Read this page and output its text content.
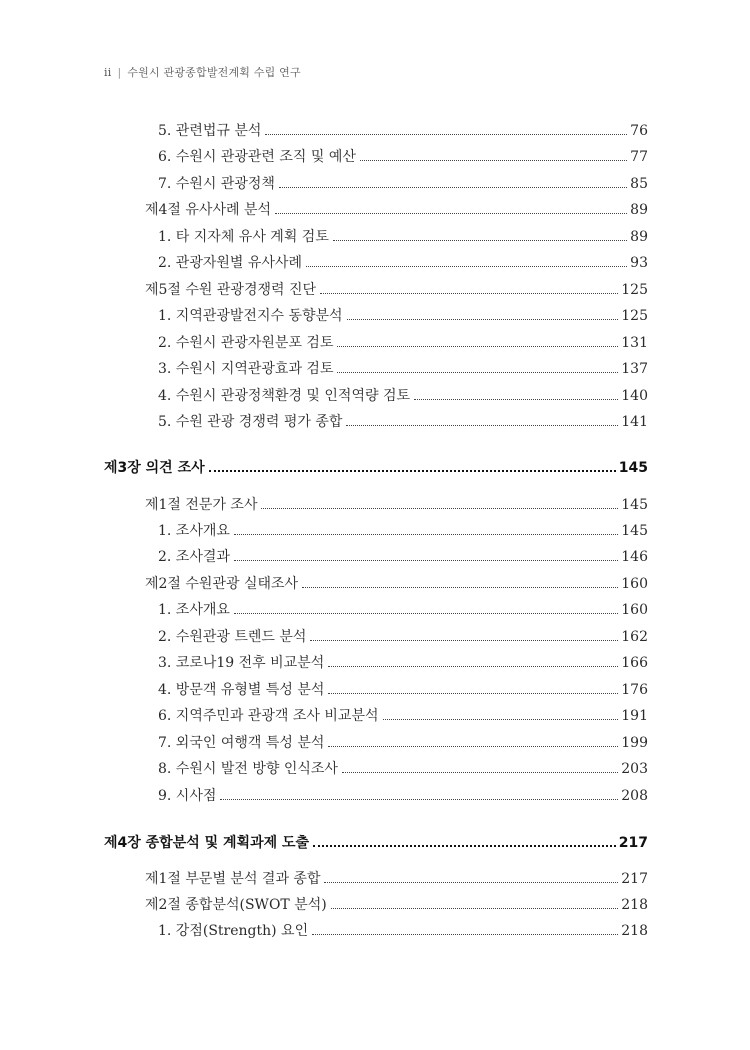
ii | 수원시 관광종합발전계획 수립 연구
5. 관련법규 분석	76
6. 수원시 관광관련 조직 및 예산	77
7. 수원시 관광정책	85
제4절 유사사례 분석	89
1. 타 지자체 유사 계획 검토	89
2. 관광자원별 유사사례	93
제5절 수원 관광경쟁력 진단	125
1. 지역관광발전지수 동향분석	125
2. 수원시 관광자원분포 검토	131
3. 수원시 지역관광효과 검토	137
4. 수원시 관광정책환경 및 인적역량 검토	140
5. 수원 관광 경쟁력 평가 종합	141
제3장 의견 조사	145
제1절 전문가 조사	145
1. 조사개요	145
2. 조사결과	146
제2절 수원관광 실태조사	160
1. 조사개요	160
2. 수원관광 트렌드 분석	162
3. 코로나19 전후 비교분석	166
4. 방문객 유형별 특성 분석	176
6. 지역주민과 관광객 조사 비교분석	191
7. 외국인 여행객 특성 분석	199
8. 수원시 발전 방향 인식조사	203
9. 시사점	208
제4장 종합분석 및 계획과제 도출	217
제1절 부문별 분석 결과 종합	217
제2절 종합분석(SWOT 분석)	218
1. 강점(Strength) 요인	218
